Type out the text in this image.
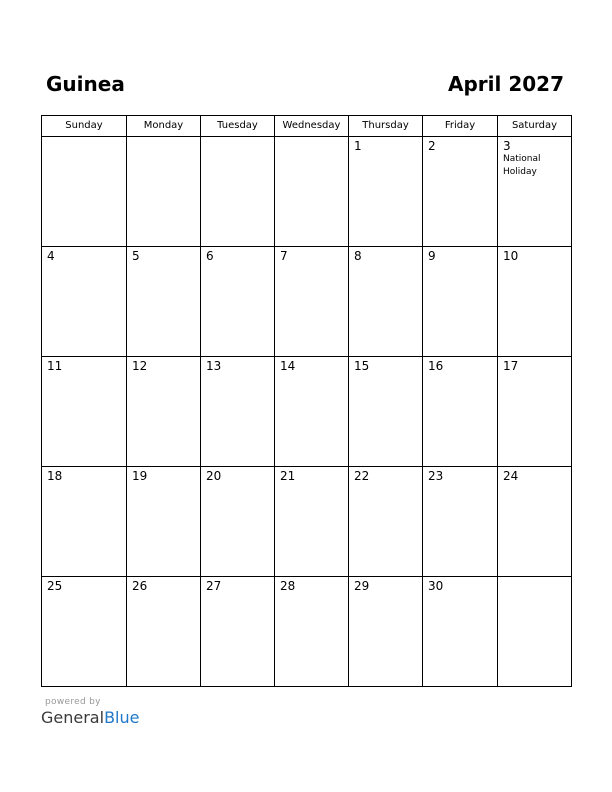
Guinea	April 2027
Sunday	Monday	Tuesday	Wednesday	Thursday	Friday	Saturday

				1	2	3
National Holiday

4	5	6	7	8	9	10

11	12	13	14	15	16	17

18	19	20	21	22	23	24

25	26	27	28	29	30	

powered by
GeneralBlue
